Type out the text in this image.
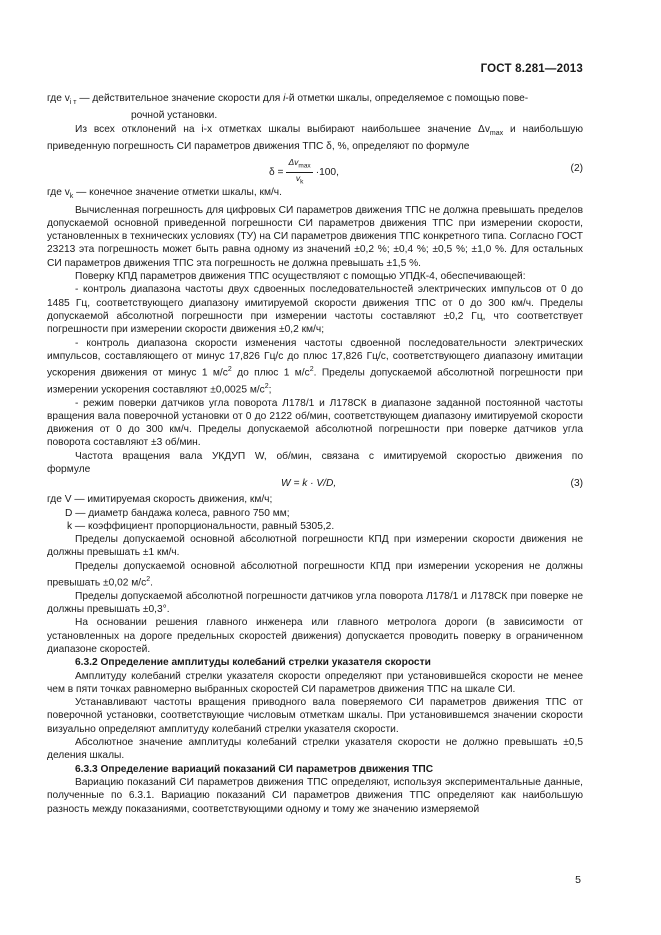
ГОСТ 8.281—2013

где $v_{i т}$ — действительное значение скорости для i-й отметки шкалы, определяемое с помощью пове-

рочной установки.

Из всех отклонений на i-х отметках шкалы выбирают наибольшее значение $\Delta v_{max}$ и наибольшую приведенную погрешность СИ параметров движения ТПС δ, %, определяют по формуле

$\delta = \frac{\Delta v_{max}}{v_k} \cdot 100$,	(2)

где $v_k$ — конечное значение отметки шкалы, км/ч.

Вычисленная погрешность для цифровых СИ параметров движения ТПС не должна превышать пределов допускаемой основной приведенной погрешности СИ параметров движения ТПС при измерении скорости, установленных в технических условиях (ТУ) на СИ параметров движения ТПС конкретного типа. Согласно ГОСТ 23213 эта погрешность может быть равна одному из значений ±0,2 %; ±0,4 %; ±0,5 %; ±1,0 %. Для остальных СИ параметров движения ТПС эта погрешность не должна превышать ±1,5 %.

Поверку КПД параметров движения ТПС осуществляют с помощью УПДК-4, обеспечивающей:

- контроль диапазона частоты двух сдвоенных последовательностей электрических импульсов от 0 до 1485 Гц, соответствующего диапазону имитируемой скорости движения ТПС от 0 до 300 км/ч. Пределы допускаемой абсолютной погрешности при измерении частоты составляют ±0,2 Гц, что соответствует погрешности при измерении скорости движения ±0,2 км/ч;

- контроль диапазона скорости изменения частоты сдвоенной последовательности электрических импульсов, составляющего от минус 17,826 Гц/с до плюс 17,826 Гц/с, соответствующего диапазону имитации ускорения движения от минус 1 $м/с^2$ до плюс 1 $м/с^2$. Пределы допускаемой абсолютной погрешности при измерении ускорения составляют ±0,0025 $м/с^2$;

- режим поверки датчиков угла поворота Л178/1 и Л178СК в диапазоне заданной постоянной частоты вращения вала поверочной установки от 0 до 2122 об/мин, соответствующем диапазону имитируемой скорости движения от 0 до 300 км/ч. Пределы допускаемой абсолютной погрешности при поверке датчиков угла поворота составляют ±3 об/мин.

Частота вращения вала УКДУП W, об/мин, связана с имитируемой скоростью движения по формуле

W = k · V/D,	(3)

где V — имитируемая скорость движения, км/ч;

D — диаметр бандажа колеса, равного 750 мм;

k — коэффициент пропорциональности, равный 5305,2.

Пределы допускаемой основной абсолютной погрешности КПД при измерении скорости движения не должны превышать ±1 км/ч.

Пределы допускаемой основной абсолютной погрешности КПД при измерении ускорения не должны превышать ±0,02 $м/с^2$.

Пределы допускаемой абсолютной погрешности датчиков угла поворота Л178/1 и Л178СК при поверке не должны превышать ±0,3°.

На основании решения главного инженера или главного метролога дороги (в зависимости от установленных на дороге предельных скоростей движения) допускается проводить поверку в ограниченном диапазоне скоростей.

6.3.2 Определение амплитуды колебаний стрелки указателя скорости

Амплитуду колебаний стрелки указателя скорости определяют при установившейся скорости не менее чем в пяти точках равномерно выбранных скоростей СИ параметров движения ТПС на шкале СИ.

Устанавливают частоты вращения приводного вала поверяемого СИ параметров движения ТПС от поверочной установки, соответствующие числовым отметкам шкалы. При установившемся значении скорости визуально определяют амплитуду колебаний стрелки указателя скорости.

Абсолютное значение амплитуды колебаний стрелки указателя скорости не должно превышать ±0,5 деления шкалы.

6.3.3 Определение вариаций показаний СИ параметров движения ТПС

Вариацию показаний СИ параметров движения ТПС определяют, используя экспериментальные данные, полученные по 6.3.1. Вариацию показаний СИ параметров движения ТПС определяют как наибольшую разность между показаниями, соответствующими одному и тому же значению измеряемой

5
